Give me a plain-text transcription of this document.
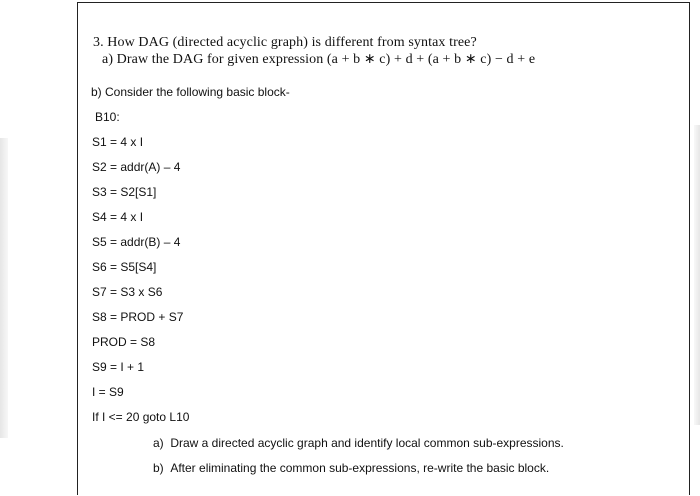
3. How DAG (directed acyclic graph) is different from syntax tree?
a) Draw the DAG for given expression (a + b ∗ c) + d + (a + b ∗ c) − d + e
b) Consider the following basic block-
B10:
S1 = 4 x I
S2 = addr(A) – 4
S3 = S2[S1]
S4 = 4 x I
S5 = addr(B) – 4
S6 = S5[S4]
S7 = S3 x S6
S8 = PROD + S7
PROD = S8
S9 = I + 1
I = S9
If I <= 20 goto L10
a)  Draw a directed acyclic graph and identify local common sub-expressions.
b)  After eliminating the common sub-expressions, re-write the basic block.
